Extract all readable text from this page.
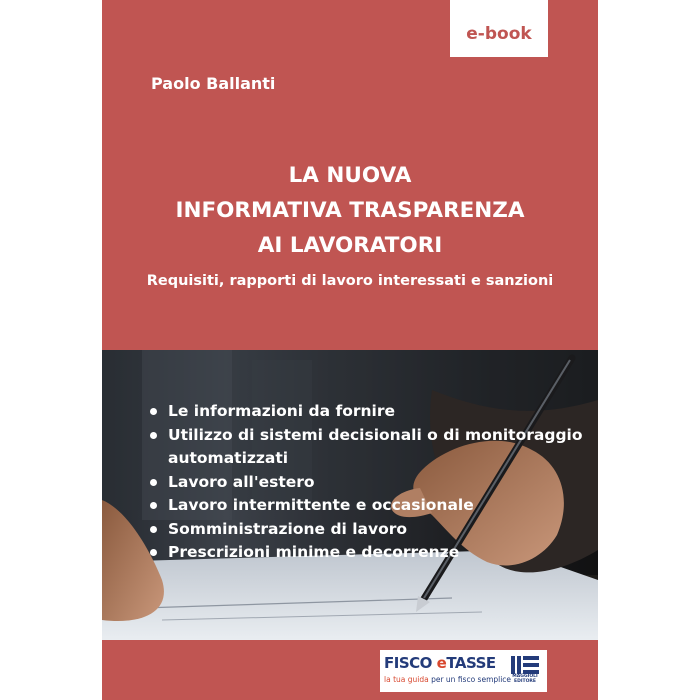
e-book
Paolo Ballanti
LA NUOVA
INFORMATIVA TRASPARENZA
AI LAVORATORI
Requisiti, rapporti di lavoro interessati e sanzioni
Le informazioni da fornire
Utilizzo di sistemi decisionali o di monitoraggio
automatizzati
Lavoro all'estero
Lavoro intermittente e occasionale
Somministrazione di lavoro
Prescrizioni minime e decorrenze
FISCO eTASSE
la tua guida per un fisco semplice MAGGIOLI EDITORE
